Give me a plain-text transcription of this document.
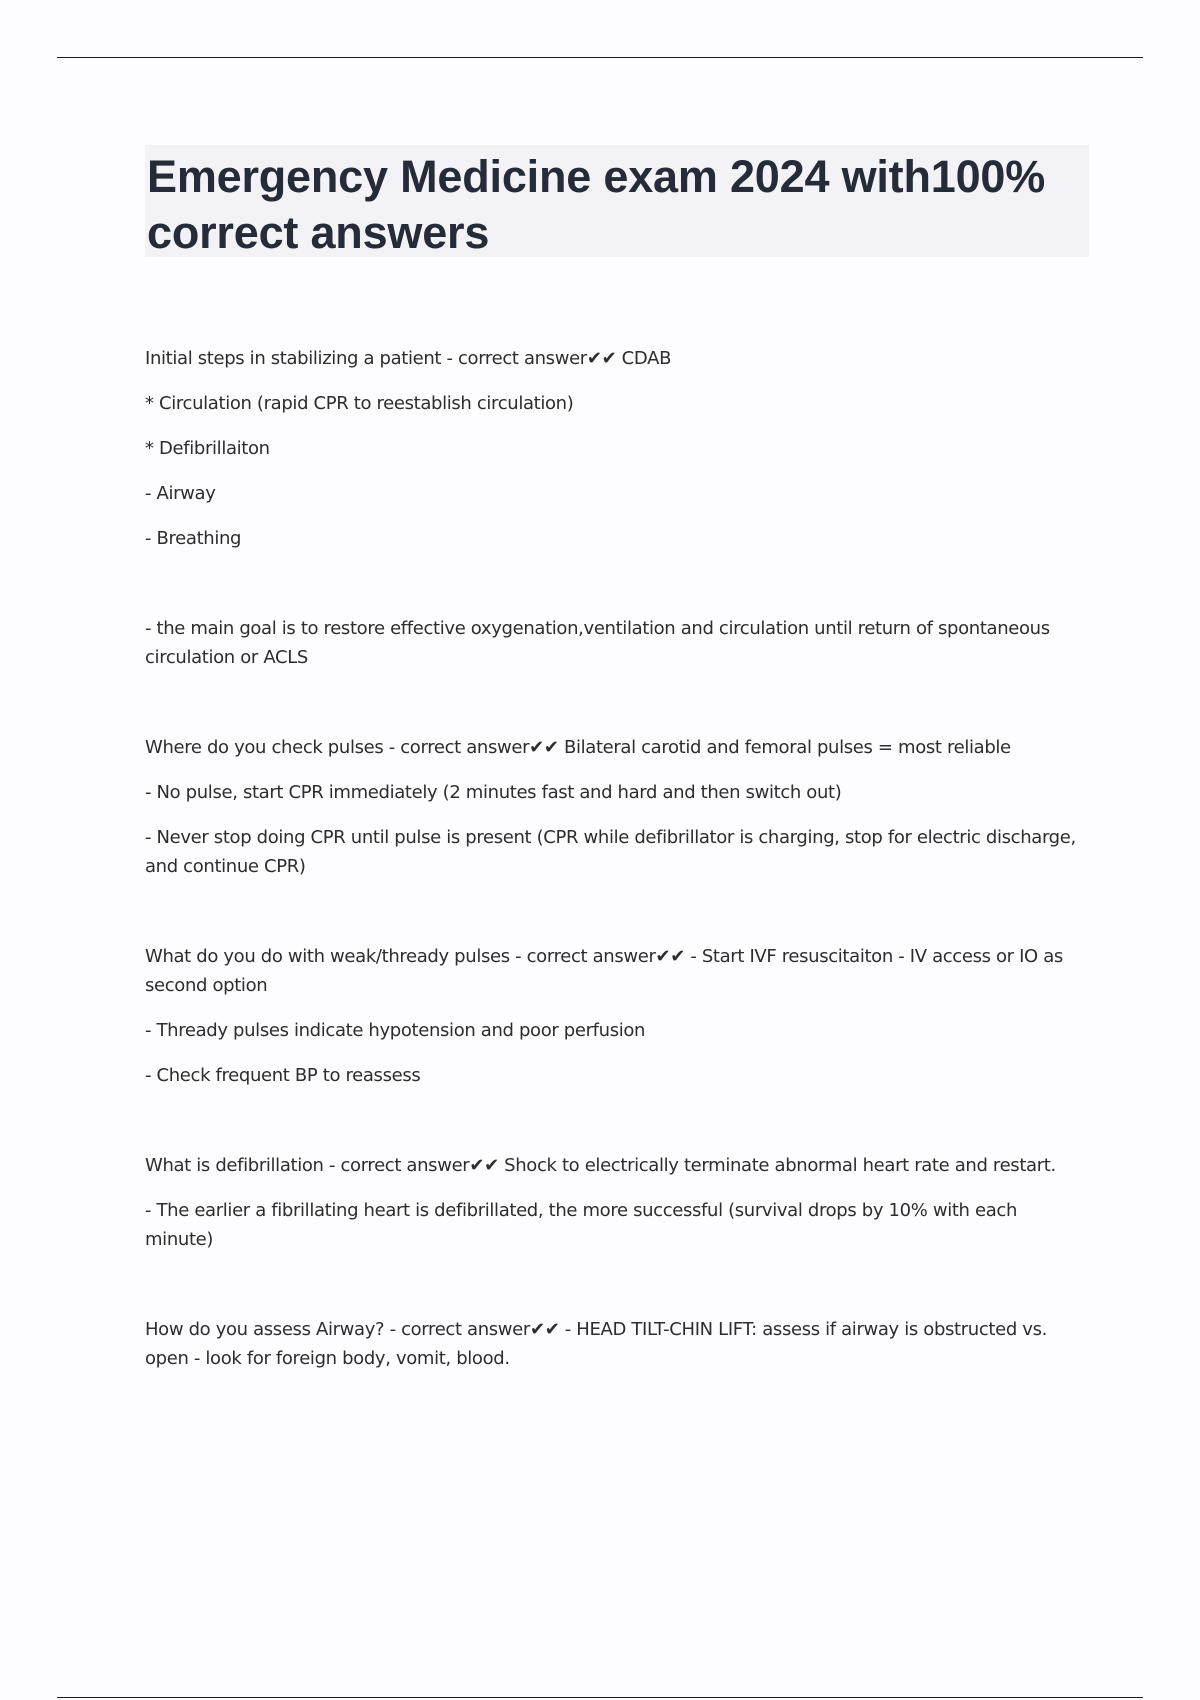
Emergency Medicine exam 2024 with100% correct answers

Initial steps in stabilizing a patient - correct answer✔✔ CDAB

* Circulation (rapid CPR to reestablish circulation)

* Defibrillaiton

- Airway

- Breathing

- the main goal is to restore effective oxygenation,ventilation and circulation until return of spontaneous circulation or ACLS

Where do you check pulses - correct answer✔✔ Bilateral carotid and femoral pulses = most reliable

- No pulse, start CPR immediately (2 minutes fast and hard and then switch out)

- Never stop doing CPR until pulse is present (CPR while defibrillator is charging, stop for electric discharge, and continue CPR)

What do you do with weak/thready pulses - correct answer✔✔ - Start IVF resuscitaiton - IV access or IO as second option

- Thready pulses indicate hypotension and poor perfusion

- Check frequent BP to reassess

What is defibrillation - correct answer✔✔ Shock to electrically terminate abnormal heart rate and restart.

- The earlier a fibrillating heart is defibrillated, the more successful (survival drops by 10% with each minute)

How do you assess Airway? - correct answer✔✔ - HEAD TILT-CHIN LIFT: assess if airway is obstructed vs. open - look for foreign body, vomit, blood.
